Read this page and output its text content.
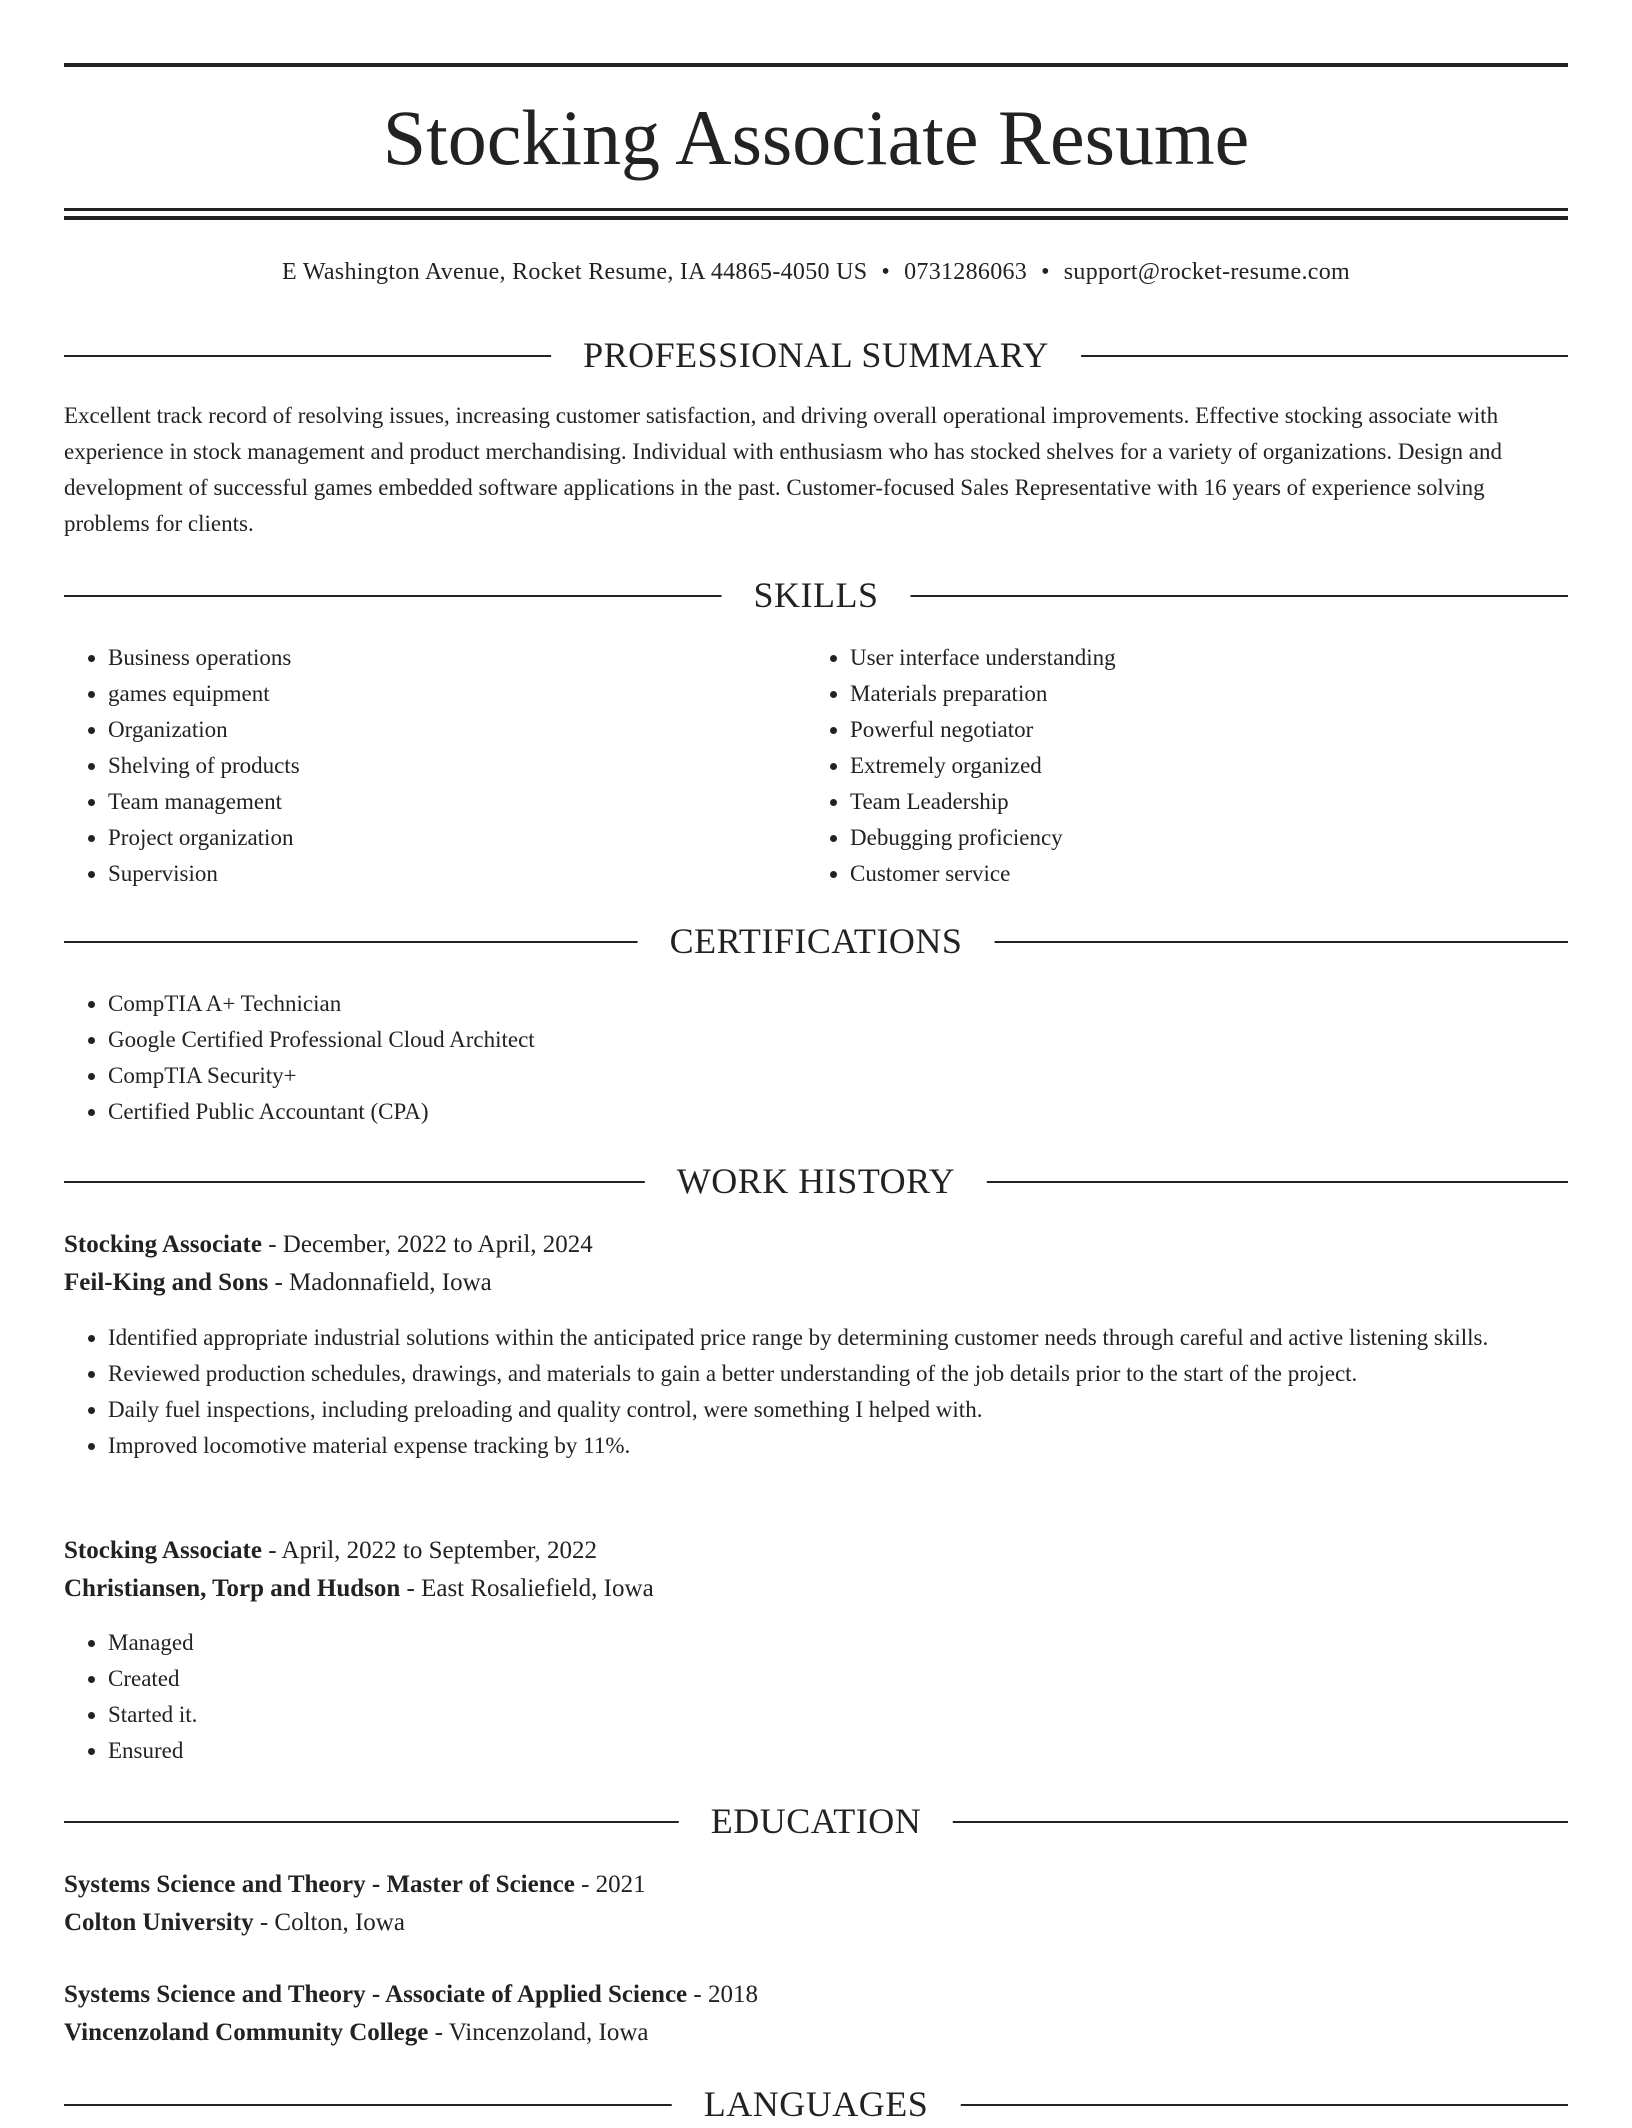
Stocking Associate Resume
E Washington Avenue, Rocket Resume, IA 44865-4050 US • 0731286063 • support@rocket-resume.com
PROFESSIONAL SUMMARY

Excellent track record of resolving issues, increasing customer satisfaction, and driving overall operational improvements. Effective stocking associate with experience in stock management and product merchandising. Individual with enthusiasm who has stocked shelves for a variety of organizations. Design and development of successful games embedded software applications in the past. Customer-focused Sales Representative with 16 years of experience solving problems for clients.

SKILLS
• Business operations
• games equipment
• Organization
• Shelving of products
• Team management
• Project organization
• Supervision
• User interface understanding
• Materials preparation
• Powerful negotiator
• Extremely organized
• Team Leadership
• Debugging proficiency
• Customer service
CERTIFICATIONS
• CompTIA A+ Technician
• Google Certified Professional Cloud Architect
• CompTIA Security+
• Certified Public Accountant (CPA)
WORK HISTORY

Stocking Associate - December, 2022 to April, 2024

Feil-King and Sons - Madonnafield, Iowa

• Identified appropriate industrial solutions within the anticipated price range by determining customer needs through careful and active listening skills.
• Reviewed production schedules, drawings, and materials to gain a better understanding of the job details prior to the start of the project.
• Daily fuel inspections, including preloading and quality control, were something I helped with.
• Improved locomotive material expense tracking by 11%.

Stocking Associate - April, 2022 to September, 2022

Christiansen, Torp and Hudson - East Rosaliefield, Iowa

• Managed
• Created
• Started it.
• Ensured
EDUCATION

Systems Science and Theory - Master of Science - 2021

Colton University - Colton, Iowa

Systems Science and Theory - Associate of Applied Science - 2018

Vincenzoland Community College - Vincenzoland, Iowa

LANGUAGES
